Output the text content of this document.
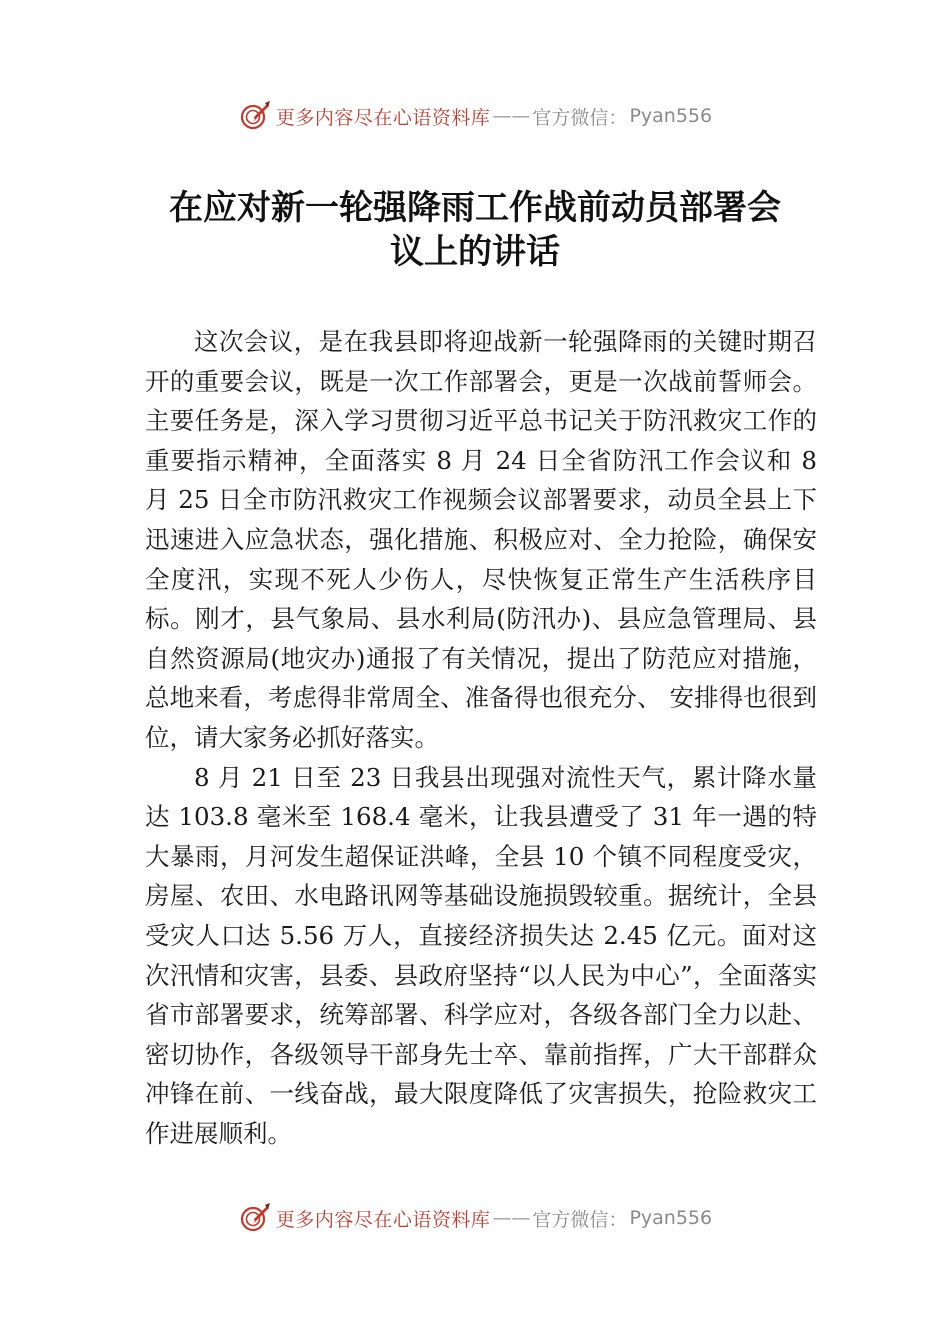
更多内容尽在心语资料库 —— 官方微信： Pyan556
在应对新一轮强降雨工作战前动员部署会
议上的讲话

这次会议，是在我县即将迎战新一轮强降雨的关键时期召开的重要会议，既是一次工作部署会，更是一次战前誓师会。主要任务是，深入学习贯彻习近平总书记关于防汛救灾工作的重要指示精神，全面落实 8 月 24 日全省防汛工作会议和 8 月 25 日全市防汛救灾工作视频会议部署要求，动员全县上下迅速进入应急状态，强化措施、积极应对、全力抢险，确保安全度汛，实现不死人少伤人，尽快恢复正常生产生活秩序目标。刚才，县气象局、县水利局(防汛办)、县应急管理局、县自然资源局(地灾办)通报了有关情况，提出了防范应对措施，总地来看，考虑得非常周全、准备得也很充分、 安排得也很到位，请大家务必抓好落实。

8 月 21 日至 23 日我县出现强对流性天气，累计降水量达 103.8 毫米至 168.4 毫米，让我县遭受了 31 年一遇的特大暴雨，月河发生超保证洪峰，全县 10 个镇不同程度受灾，房屋、农田、水电路讯网等基础设施损毁较重。据统计，全县 受灾人口达 5.56 万人，直接经济损失达 2.45 亿元。面对这次汛情和灾害，县委、县政府坚持“以人民为中心”，全面落实省市部署要求，统筹部署、科学应对，各级各部门全力以赴、密切协作，各级领导干部身先士卒、靠前指挥，广大干部群众冲锋在前、一线奋战，最大限度降低了灾害损失，抢险救灾工作进展顺利。

更多内容尽在心语资料库 —— 官方微信： Pyan556
